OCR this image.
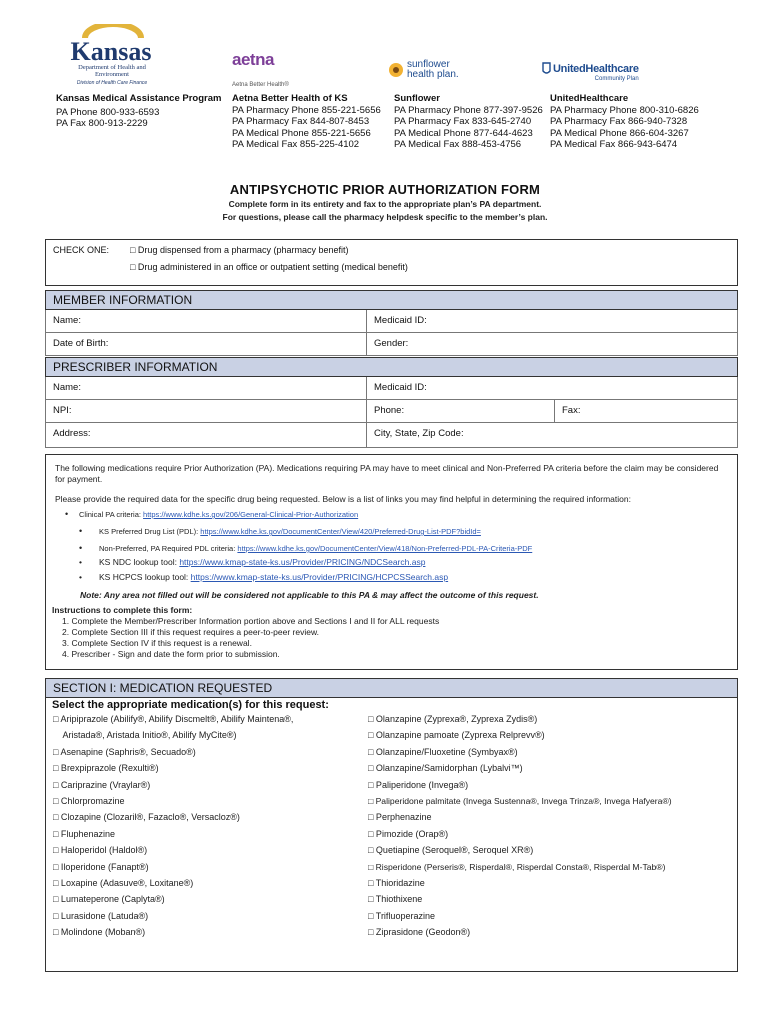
Kansas
Department of Health and Environment
Division of Health Care Finance
aetna
Aetna Better Health®
sunflower
health plan.	UnitedHealthcare
Community Plan
Kansas Medical Assistance Program
PA Phone 800-933-6593
PA Fax 800-913-2229
Aetna Better Health of KS
PA Pharmacy Phone 855-221-5656
PA Pharmacy Fax 844-807-8453
PA Medical Phone 855-221-5656
PA Medical Fax 855-225-4102
Sunflower
PA Pharmacy Phone 877-397-9526
PA Pharmacy Fax 833-645-2740
PA Medical Phone 877-644-4623
PA Medical Fax 888-453-4756
UnitedHealthcare
PA Pharmacy Phone 800-310-6826
PA Pharmacy Fax 866-940-7328
PA Medical Phone 866-604-3267
PA Medical Fax 866-943-6474
ANTIPSYCHOTIC PRIOR AUTHORIZATION FORM
Complete form in its entirety and fax to the appropriate plan’s PA department.
For questions, please call the pharmacy helpdesk specific to the member’s plan.
CHECK ONE: □ Drug dispensed from a pharmacy (pharmacy benefit)
□ Drug administered in an office or outpatient setting (medical benefit)
MEMBER INFORMATION
Name:	Medicaid ID:
Date of Birth:	Gender:
PRESCRIBER INFORMATION
Name:	Medicaid ID:
NPI:	Phone:	Fax:
Address:	City, State, Zip Code:
The following medications require Prior Authorization (PA). Medications requiring PA may have to meet clinical and Non-Preferred PA criteria before the claim may be considered for payment.
Please provide the required data for the specific drug being requested. Below is a list of links you may find helpful in determining the required information:
• Clinical PA criteria: https://www.kdhe.ks.gov/206/General-Clinical-Prior-Authorization
• KS Preferred Drug List (PDL): https://www.kdhe.ks.gov/DocumentCenter/View/420/Preferred-Drug-List-PDF?bidId=
• Non-Preferred, PA Required PDL criteria: https://www.kdhe.ks.gov/DocumentCenter/View/418/Non-Preferred-PDL-PA-Criteria-PDF
• KS NDC lookup tool: https://www.kmap-state-ks.us/Provider/PRICING/NDCSearch.asp
• KS HCPCS lookup tool: https://www.kmap-state-ks.us/Provider/PRICING/HCPCSSearch.asp
Note: Any area not filled out will be considered not applicable to this PA & may affect the outcome of this request.
Instructions to complete this form:
1. Complete the Member/Prescriber Information portion above and Sections I and II for ALL requests
2. Complete Section III if this request requires a peer-to-peer review.
3. Complete Section IV if this request is a renewal.
4. Prescriber - Sign and date the form prior to submission.
SECTION I: MEDICATION REQUESTED
Select the appropriate medication(s) for this request:
□ Aripiprazole (Abilify®, Abilify Discmelt®, Abilify Maintena®,
Aristada®, Aristada Initio®, Abilify MyCite®)
□ Asenapine (Saphris®, Secuado®)
□ Brexpiprazole (Rexulti®)
□ Cariprazine (Vraylar®)
□ Chlorpromazine
□ Clozapine (Clozaril®, Fazaclo®, Versacloz®)
□ Fluphenazine
□ Haloperidol (Haldol®)
□ Iloperidone (Fanapt®)
□ Loxapine (Adasuve®, Loxitane®)
□ Lumateperone (Caplyta®)
□ Lurasidone (Latuda®)
□ Molindone (Moban®)
□ Olanzapine (Zyprexa®, Zyprexa Zydis®)
□ Olanzapine pamoate (Zyprexa Relprevv®)
□ Olanzapine/Fluoxetine (Symbyax®)
□ Olanzapine/Samidorphan (Lybalvi™)
□ Paliperidone (Invega®)
□ Paliperidone palmitate (Invega Sustenna®, Invega Trinza®, Invega Hafyera®)
□ Perphenazine
□ Pimozide (Orap®)
□ Quetiapine (Seroquel®, Seroquel XR®)
□ Risperidone (Perseris®, Risperdal®, Risperdal Consta®, Risperdal M-Tab®)
□ Thioridazine
□ Thiothixene
□ Trifluoperazine
□ Ziprasidone (Geodon®)
